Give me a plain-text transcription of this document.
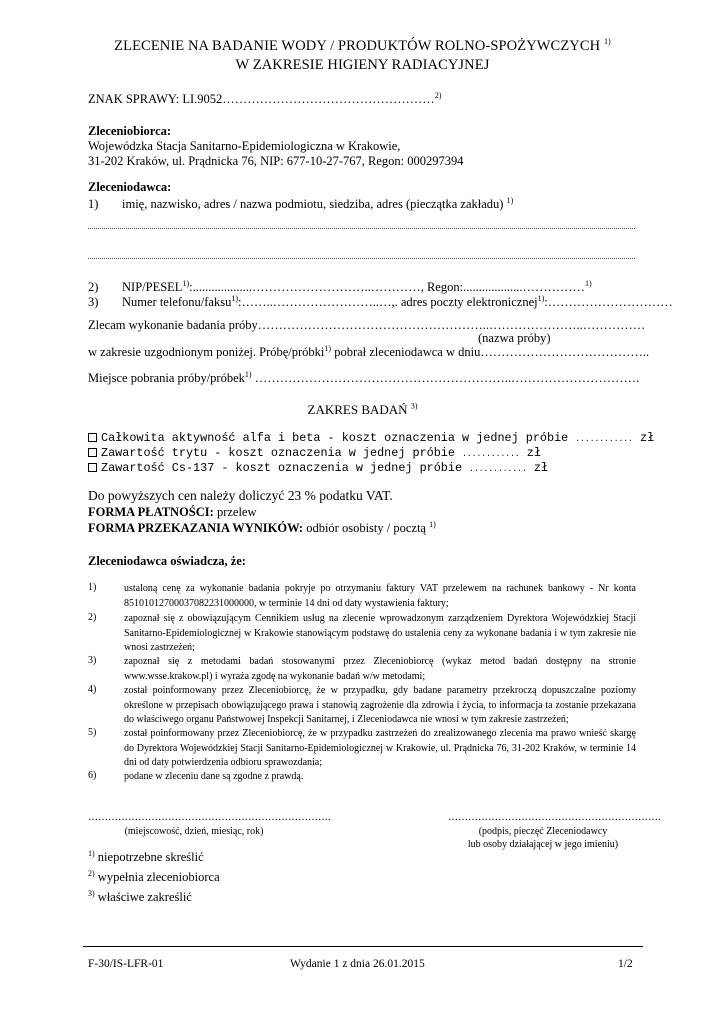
ZLECENIE NA BADANIE WODY / PRODUKTÓW ROLNO-SPOŻYWCZYCH $^{1)}$
W ZAKRESIE HIGIENY RADIACYJNEJ
ZNAK SPRAWY: LI.9052……………………………………………$^{2)}$
Zleceniobiorca:
Wojewódzka Stacja Sanitarno-Epidemiologiczna w Krakowie,
31-202 Kraków, ul. Prądnicka 76, NIP: 677-10-27-767, Regon: 000297394
Zleceniodawca:
1) imię, nazwisko, adres / nazwa podmiotu, siedziba, adres (pieczątka zakładu) $^{1)}$
2) NIP/PESEL$^{1)}$:...................………………………..…………, Regon:...................……………$^{1)}$
3) Numer telefonu/faksu$^{1)}$:……..……………………..…,. adres poczty elektronicznej$^{1)}$:…………………………
Zlecam wykonanie badania próby………………………………………………..…………………..……………
(nazwa próby)
w zakresie uzgodnionym poniżej. Próbę/próbki$^{1)}$ pobrał zleceniodawca w dniu…………………………………..
Miejsce pobrania próby/próbek$^{1)}$ ……………………………………………………..………………………….
ZAKRES BADAŃ $^{3)}$
Całkowita aktywność alfa i beta - koszt oznaczenia w jednej próbie ............ zł
Zawartość trytu - koszt oznaczenia w jednej próbie ............ zł
Zawartość Cs-137 - koszt oznaczenia w jednej próbie ............ zł
Do powyższych cen należy doliczyć 23 % podatku VAT.
FORMA PŁATNOŚCI: przelew
FORMA PRZEKAZANIA WYNIKÓW: odbiór osobisty / pocztą $^{1)}$
Zleceniodawca oświadcza, że:
1)	ustaloną cenę za wykonanie badania pokryje po otrzymaniu faktury VAT przelewem na rachunek bankowy - Nr konta 85101012700037082231000000, w terminie 14 dni od daty wystawienia faktury;
2)	zapoznał się z obowiązującym Cennikiem usług na zlecenie wprowadzonym zarządzeniem Dyrektora Wojewódzkiej Stacji Sanitarno-Epidemiologicznej w Krakowie stanowiącym podstawę do ustalenia ceny za wykonane badania i w tym zakresie nie wnosi zastrzeżeń;
3)	zapoznał się z metodami badań stosowanymi przez Zleceniobiorcę (wykaz metod badań dostępny na stronie www.wsse.krakow.pl) i wyraża zgodę na wykonanie badań w/w metodami;
4)	został poinformowany przez Zleceniobiorcę, że w przypadku, gdy badane parametry przekroczą dopuszczalne poziomy określone w przepisach obowiązującego prawa i stanowią zagrożenie dla zdrowia i życia, to informacja ta zostanie przekazana do właściwego organu Państwowej Inspekcji Sanitarnej, i Zleceniodawca nie wnosi w tym zakresie zastrzeżeń;
5)	został poinformowany przez Zleceniobiorcę, że w przypadku zastrzeżeń do zrealizowanego zlecenia ma prawo wnieść skargę do Dyrektora Wojewódzkiej Stacji Sanitarno-Epidemiologicznej w Krakowie, ul. Prądnicka 76, 31-202 Kraków, w terminie 14 dni od daty potwierdzenia odbioru sprawozdania;
6)	podane w zleceniu dane są zgodne z prawdą.
……………………………………………………………….
(miejscowość, dzień, miesiąc, rok)
……………………………………………………….
(podpis, pieczęć Zleceniodawcy
lub osoby działającej w jego imieniu)
$^{1)}$ niepotrzebne skreślić
$^{2)}$ wypełnia zleceniobiorca
$^{3)}$ właściwe zakreślić
F-30/IS-LFR-01	Wydanie 1 z dnia 26.01.2015	1/2
